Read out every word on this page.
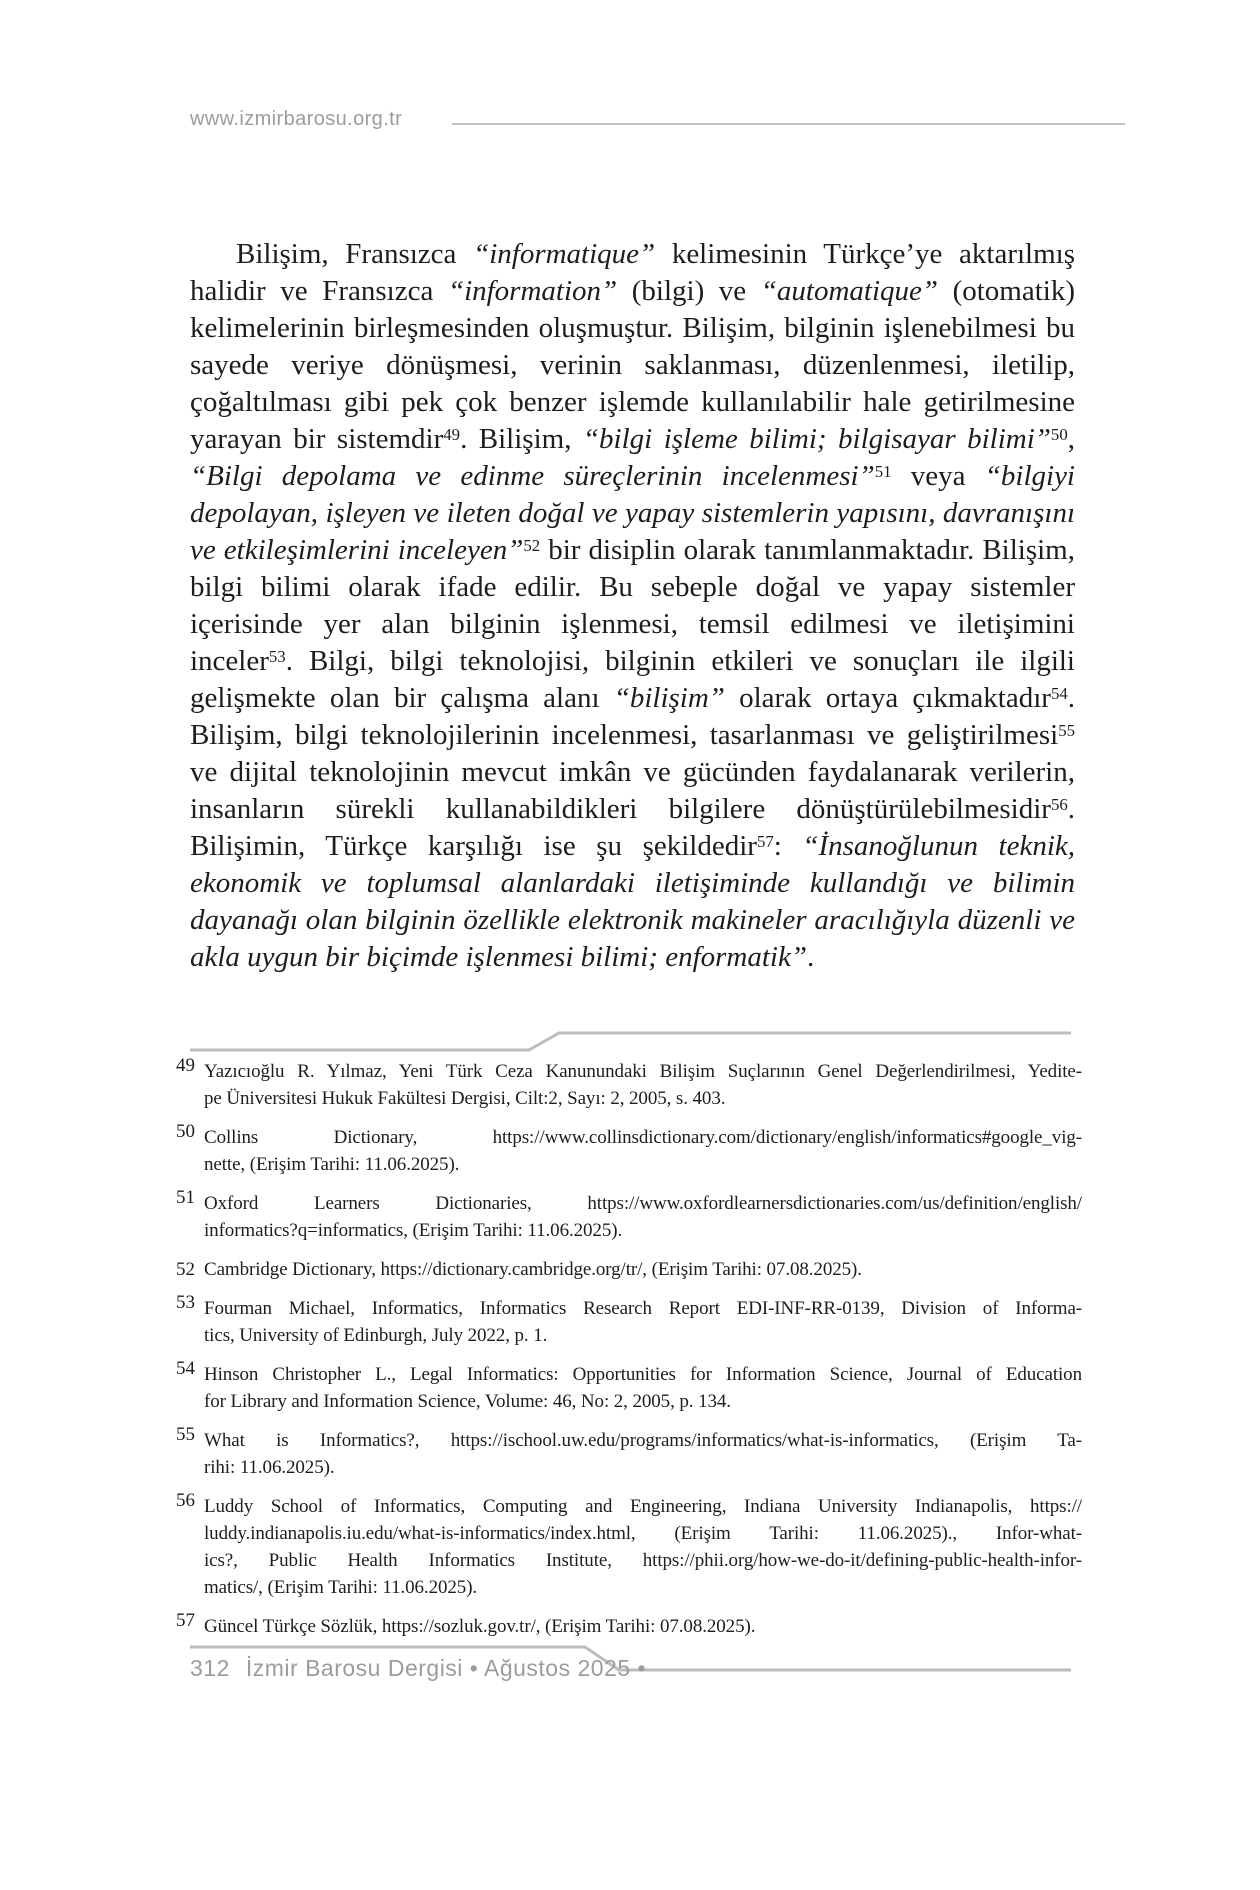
www.izmirbarosu.org.tr
Bilişim, Fransızca “informatique” kelimesinin Türkçe’ye aktarılmış halidir ve Fransızca “information” (bilgi) ve “automatique” (otomatik) kelimelerinin birleşmesinden oluşmuştur. Bilişim, bilginin işlenebilmesi bu sayede veriye dönüşmesi, verinin saklanması, düzenlenmesi, iletilip, çoğaltılması gibi pek çok benzer işlemde kullanılabilir hale getirilmesine yarayan bir sistemdir$^{49}$. Bilişim, “bilgi işleme bilimi; bilgisayar bilimi”$^{50}$, “Bilgi depolama ve edinme süreçlerinin incelenmesi”$^{51}$ veya “bilgiyi depolayan, işleyen ve ileten doğal ve yapay sistemlerin yapısını, davranışını ve etkileşimlerini inceleyen”$^{52}$ bir disiplin olarak tanımlanmaktadır. Bilişim, bilgi bilimi olarak ifade edilir. Bu sebeple doğal ve yapay sistemler içerisinde yer alan bilginin işlenmesi, temsil edilmesi ve iletişimini inceler$^{53}$. Bilgi, bilgi teknolojisi, bilginin etkileri ve sonuçları ile ilgili gelişmekte olan bir çalışma alanı “bilişim” olarak ortaya çıkmaktadır$^{54}$. Bilişim, bilgi teknolojilerinin incelenmesi, tasarlanması ve geliştirilmesi$^{55}$ ve dijital teknolojinin mevcut imkân ve gücünden faydalanarak verilerin, insanların sürekli kullanabildikleri bilgilere dönüştürülebilmesidir$^{56}$. Bilişimin, Türkçe karşılığı ise şu şekildedir$^{57}$: “İnsanoğlunun teknik, ekonomik ve toplumsal alanlardaki iletişiminde kullandığı ve bilimin dayanağı olan bilginin özellikle elektronik makineler aracılığıyla düzenli ve akla uygun bir biçimde işlenmesi bilimi; enformatik”.
49 Yazıcıoğlu R. Yılmaz, Yeni Türk Ceza Kanunundaki Bilişim Suçlarının Genel Değerlendirilmesi, Yedite-
pe Üniversitesi Hukuk Fakültesi Dergisi, Cilt:2, Sayı: 2, 2005, s. 403.
50 Collins Dictionary, https://www.collinsdictionary.com/dictionary/english/informatics#google_vig-
nette, (Erişim Tarihi: 11.06.2025).
51 Oxford Learners Dictionaries, https://www.oxfordlearnersdictionaries.com/us/definition/english/
informatics?q=informatics, (Erişim Tarihi: 11.06.2025).
52 Cambridge Dictionary, https://dictionary.cambridge.org/tr/, (Erişim Tarihi: 07.08.2025).
53 Fourman Michael, Informatics, Informatics Research Report EDI-INF-RR-0139, Division of Informa-
tics, University of Edinburgh, July 2022, p. 1.
54 Hinson Christopher L., Legal Informatics: Opportunities for Information Science, Journal of Education
for Library and Information Science, Volume: 46, No: 2, 2005, p. 134.
55 What is Informatics?, https://ischool.uw.edu/programs/informatics/what-is-informatics, (Erişim Ta-
rihi: 11.06.2025).
56 Luddy School of Informatics, Computing and Engineering, Indiana University Indianapolis, https://
luddy.indianapolis.iu.edu/what-is-informatics/index.html, (Erişim Tarihi: 11.06.2025)., Infor-what-
ics?, Public Health Informatics Institute, https://phii.org/how-we-do-it/defining-public-health-infor-
matics/, (Erişim Tarihi: 11.06.2025).
57 Güncel Türkçe Sözlük, https://sozluk.gov.tr/, (Erişim Tarihi: 07.08.2025).
312 İzmir Barosu Dergisi • Ağustos 2025 •
